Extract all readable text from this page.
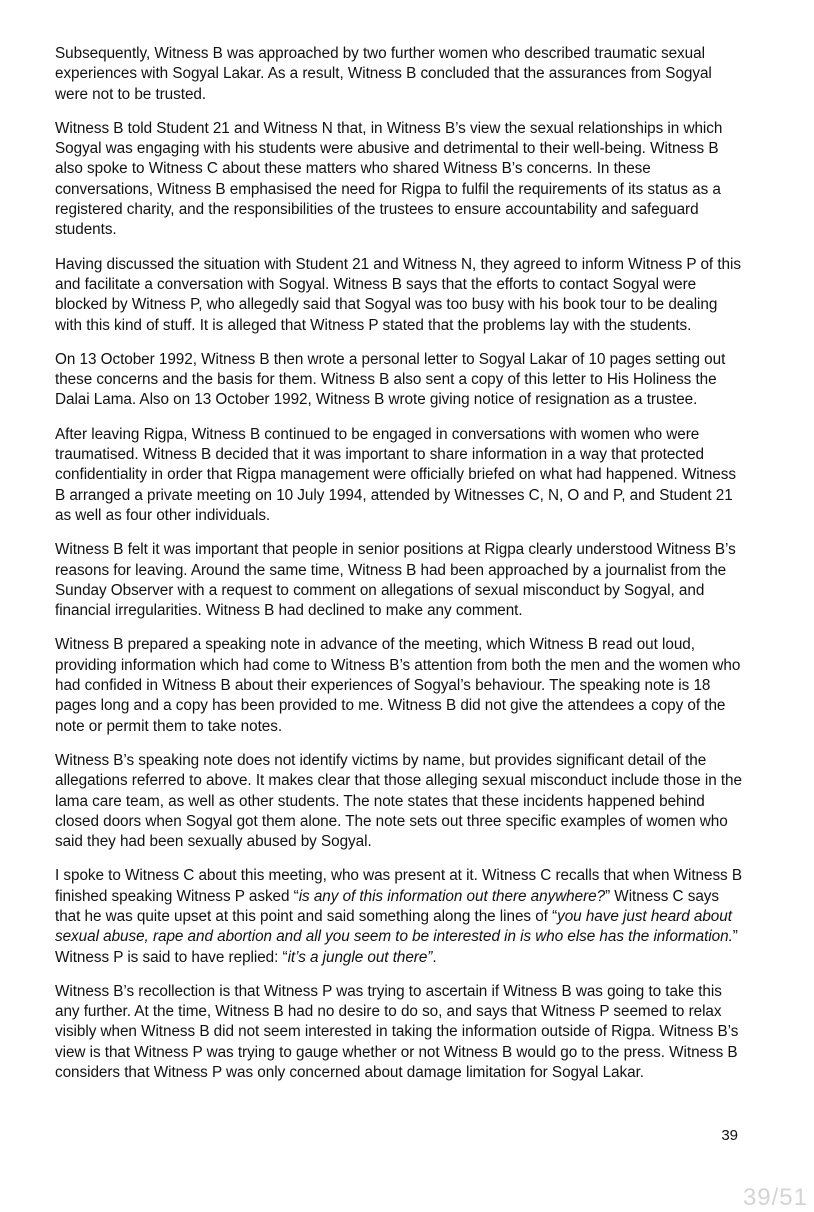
Subsequently, Witness B was approached by two further women who described traumatic sexual experiences with Sogyal Lakar. As a result, Witness B concluded that the assurances from Sogyal were not to be trusted.

Witness B told Student 21 and Witness N that, in Witness B’s view the sexual relationships in which Sogyal was engaging with his students were abusive and detrimental to their well-being. Witness B also spoke to Witness C about these matters who shared Witness B’s concerns. In these conversations, Witness B emphasised the need for Rigpa to fulfil the requirements of its status as a registered charity, and the responsibilities of the trustees to ensure accountability and safeguard students.

Having discussed the situation with Student 21 and Witness N, they agreed to inform Witness P of this and facilitate a conversation with Sogyal. Witness B says that the efforts to contact Sogyal were blocked by Witness P, who allegedly said that Sogyal was too busy with his book tour to be dealing with this kind of stuff. It is alleged that Witness P stated that the problems lay with the students.

On 13 October 1992, Witness B then wrote a personal letter to Sogyal Lakar of 10 pages setting out these concerns and the basis for them. Witness B also sent a copy of this letter to His Holiness the Dalai Lama. Also on 13 October 1992, Witness B wrote giving notice of resignation as a trustee.

After leaving Rigpa, Witness B continued to be engaged in conversations with women who were traumatised. Witness B decided that it was important to share information in a way that protected confidentiality in order that Rigpa management were officially briefed on what had happened. Witness B arranged a private meeting on 10 July 1994, attended by Witnesses C, N, O and P, and Student 21 as well as four other individuals.

Witness B felt it was important that people in senior positions at Rigpa clearly understood Witness B’s reasons for leaving. Around the same time, Witness B had been approached by a journalist from the Sunday Observer with a request to comment on allegations of sexual misconduct by Sogyal, and financial irregularities. Witness B had declined to make any comment.

Witness B prepared a speaking note in advance of the meeting, which Witness B read out loud, providing information which had come to Witness B’s attention from both the men and the women who had confided in Witness B about their experiences of Sogyal’s behaviour. The speaking note is 18 pages long and a copy has been provided to me. Witness B did not give the attendees a copy of the note or permit them to take notes.

Witness B’s speaking note does not identify victims by name, but provides significant detail of the allegations referred to above. It makes clear that those alleging sexual misconduct include those in the lama care team, as well as other students. The note states that these incidents happened behind closed doors when Sogyal got them alone. The note sets out three specific examples of women who said they had been sexually abused by Sogyal.

I spoke to Witness C about this meeting, who was present at it. Witness C recalls that when Witness B finished speaking Witness P asked “is any of this information out there anywhere?” Witness C says that he was quite upset at this point and said something along the lines of “you have just heard about sexual abuse, rape and abortion and all you seem to be interested in is who else has the information.” Witness P is said to have replied: “it’s a jungle out there”.

Witness B’s recollection is that Witness P was trying to ascertain if Witness B was going to take this any further. At the time, Witness B had no desire to do so, and says that Witness P seemed to relax visibly when Witness B did not seem interested in taking the information outside of Rigpa. Witness B’s view is that Witness P was trying to gauge whether or not Witness B would go to the press. Witness B considers that Witness P was only concerned about damage limitation for Sogyal Lakar.

39
39/51
